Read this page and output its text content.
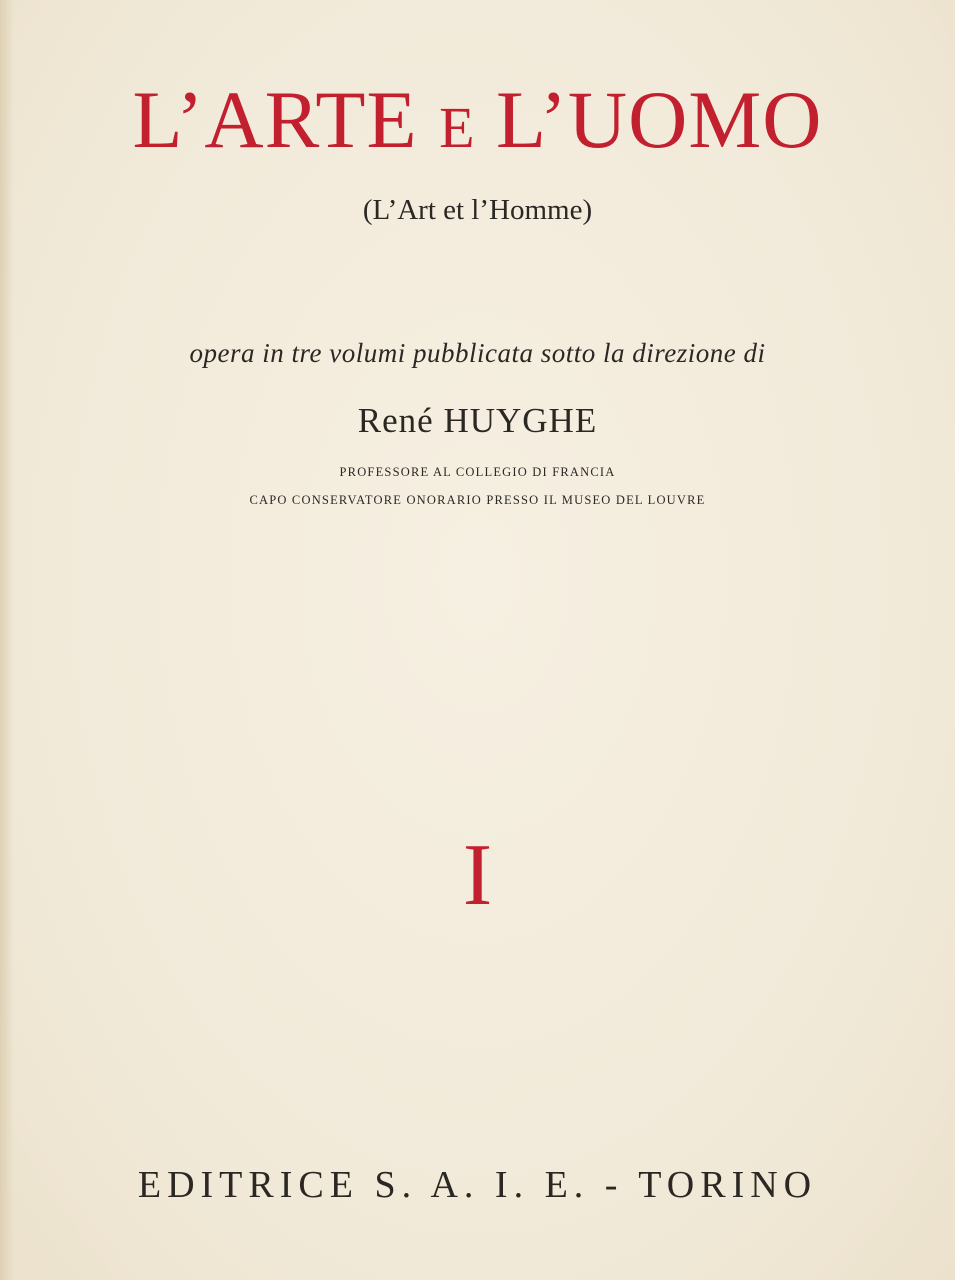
L’ARTE E L’UOMO
(L’Art et l’Homme)
opera in tre volumi pubblicata sotto la direzione di
René HUYGHE
PROFESSORE AL COLLEGIO DI FRANCIA
CAPO CONSERVATORE ONORARIO PRESSO IL MUSEO DEL LOUVRE
I
EDITRICE S. A. I. E. - TORINO
